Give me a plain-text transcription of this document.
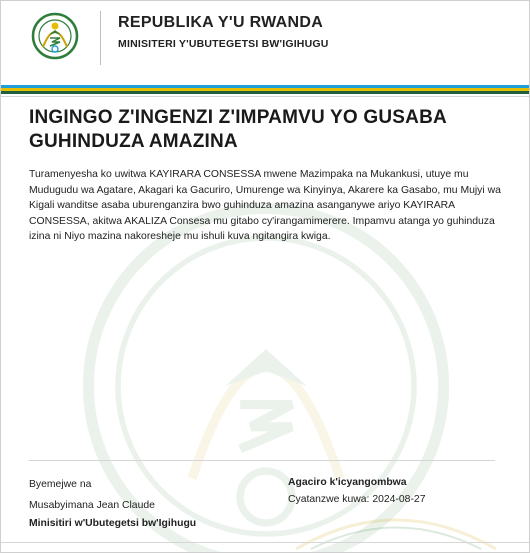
REPUBLIKA Y'U RWANDA
MINISITERI Y'UBUTEGETSI BW'IGIHUGU
INGINGO Z'INGENZI Z'IMPAMVU YO GUSABA GUHINDUZA AMAZINA
Turamenyesha ko uwitwa KAYIRARA CONSESSA mwene Mazimpaka na Mukankusi, utuye mu Mudugudu wa Agatare, Akagari ka Gacuriro, Umurenge wa Kinyinya, Akarere ka Gasabo, mu Mujyi wa Kigali wanditse asaba uburenganzira bwo guhinduza amazina asanganywe ariyo KAYIRARA CONSESSA, akitwa AKALIZA Consesa mu gitabo cy'irangamimerere. Impamvu atanga yo guhinduza izina ni Niyo mazina nakoresheje mu ishuli kuva ngitangira kwiga.
Byemejwe na
Musabyimana Jean Claude
Minisitiri w'Ubutegetsi bw'Igihugu
Agaciro k'icyangombwa
Cyatanzwe kuwa: 2024-08-27
